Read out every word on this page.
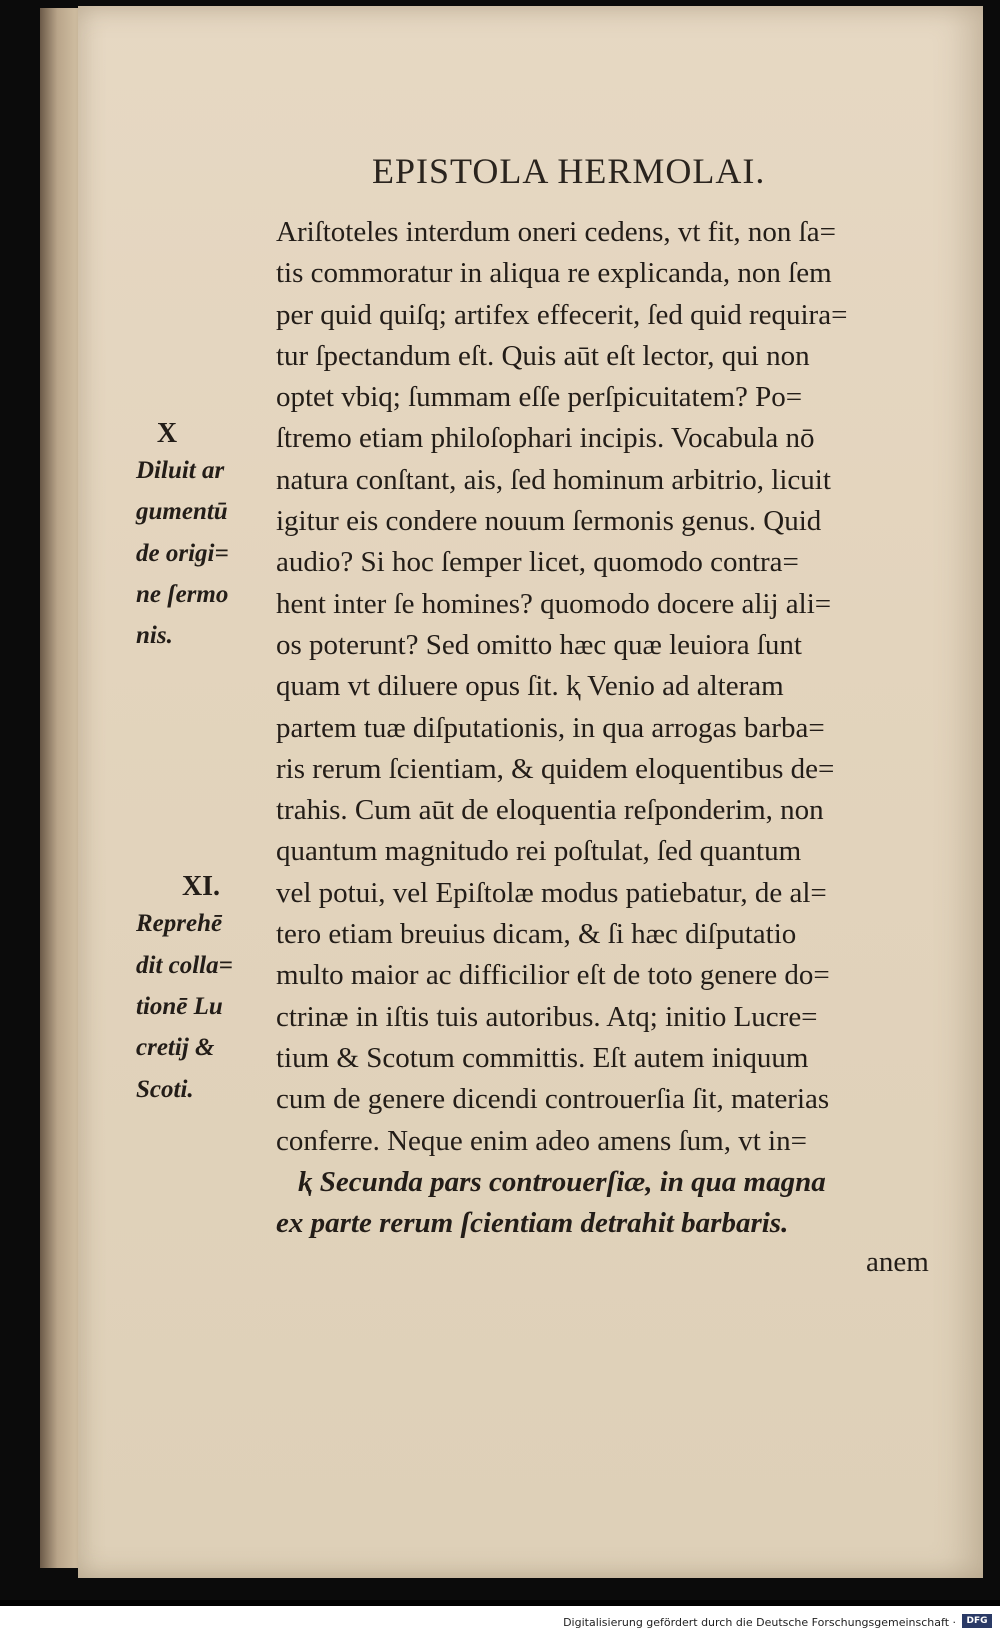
EPISTOLA HERMOLAI.
Ariſtoteles interdum oneri cedens, vt fit, non ſa=
tis commoratur in aliqua re explicanda, non ſem
per quid quiſq; artifex effecerit, ſed quid requira=
tur ſpectandum eſt. Quis aūt eſt lector, qui non
optet vbiq; ſummam eſſe perſpicuitatem? Po=
ſtremo etiam philoſophari incipis. Vocabula nō
natura conſtant, ais, ſed hominum arbitrio, licuit
igitur eis condere nouum ſermonis genus. Quid
audio? Si hoc ſemper licet, quomodo contra=
hent inter ſe homines? quomodo docere alij ali=
os poterunt? Sed omitto hæc quæ leuiora ſunt
quam vt diluere opus ſit. ⱪ Venio ad alteram
partem tuæ diſputationis, in qua arrogas barba=
ris rerum ſcientiam, & quidem eloquentibus de=
trahis. Cum aūt de eloquentia reſponderim, non
quantum magnitudo rei poſtulat, ſed quantum
vel potui, vel Epiſtolæ modus patiebatur, de al=
tero etiam breuius dicam, & ſi hæc diſputatio
multo maior ac difficilior eſt de toto genere do=
ctrinæ in iſtis tuis autoribus. Atq; initio Lucre=
tium & Scotum committis. Eſt autem iniquum
cum de genere dicendi controuerſia ſit, materias
conferre. Neque enim adeo amens ſum, vt in=
ⱪ Secunda pars controuerſiæ, in qua magna
ex parte rerum ſcientiam detrahit barbaris.
X
Diluit ar
gumentū
de origi=
ne ſermo
nis.
XI.
Reprehē
dit colla=
tionē Lu
cretij &
Scoti.
anem
Digitalisierung gefördert durch die Deutsche Forschungsgemeinschaft ·	DFG
